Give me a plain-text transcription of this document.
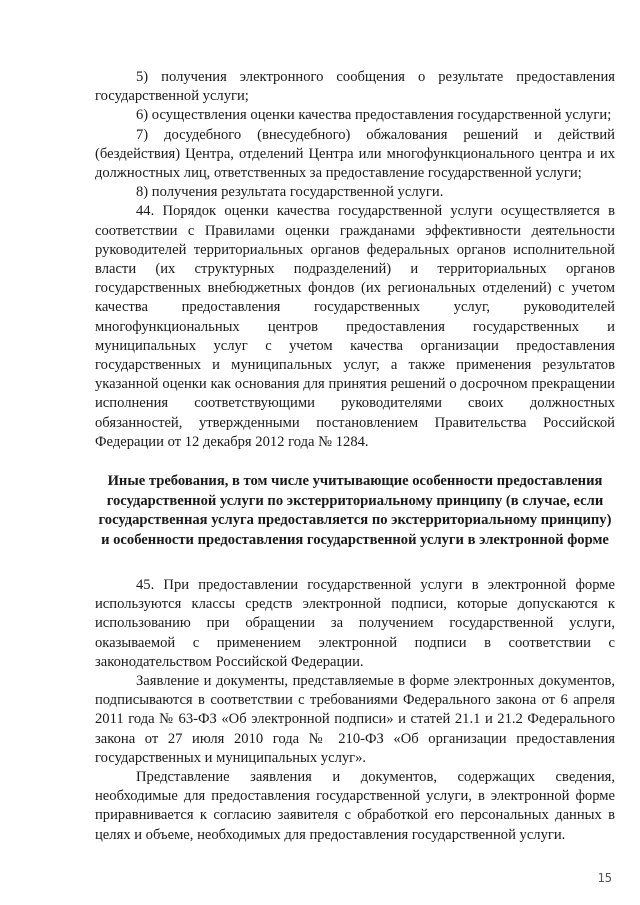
5) получения электронного сообщения о результате предоставления государственной услуги;

6) осуществления оценки качества предоставления государственной услуги;

7) досудебного (внесудебного) обжалования решений и действий (бездействия) Центра, отделений Центра или многофункционального центра и их должностных лиц, ответственных за предоставление государственной услуги;

8) получения результата государственной услуги.

44. Порядок оценки качества государственной услуги осуществляется в соответствии с Правилами оценки гражданами эффективности деятельности руководителей территориальных органов федеральных органов исполнительной власти (их структурных подразделений) и территориальных органов государственных внебюджетных фондов (их региональных отделений) с учетом качества предоставления государственных услуг, руководителей многофункциональных центров предоставления государственных и муниципальных услуг с учетом качества организации предоставления государственных и муниципальных услуг, а также применения результатов указанной оценки как основания для принятия решений о досрочном прекращении исполнения соответствующими руководителями своих должностных обязанностей, утвержденными постановлением Правительства Российской Федерации от 12 декабря 2012 года № 1284.

Иные требования, в том числе учитывающие особенности предоставления государственной услуги по экстерриториальному принципу (в случае, если государственная услуга предоставляется по экстерриториальному принципу) и особенности предоставления государственной услуги в электронной форме

45. При предоставлении государственной услуги в электронной форме используются классы средств электронной подписи, которые допускаются к использованию при обращении за получением государственной услуги, оказываемой с применением электронной подписи в соответствии с законодательством Российской Федерации.

Заявление и документы, представляемые в форме электронных документов, подписываются в соответствии с требованиями Федерального закона от 6 апреля 2011 года № 63-ФЗ «Об электронной подписи» и статей 21.1 и 21.2 Федерального закона от 27 июля 2010 года № 210-ФЗ «Об организации предоставления государственных и муниципальных услуг».

Представление заявления и документов, содержащих сведения, необходимые для предоставления государственной услуги, в электронной форме приравнивается к согласию заявителя с обработкой его персональных данных в целях и объеме, необходимых для предоставления государственной услуги.

15
